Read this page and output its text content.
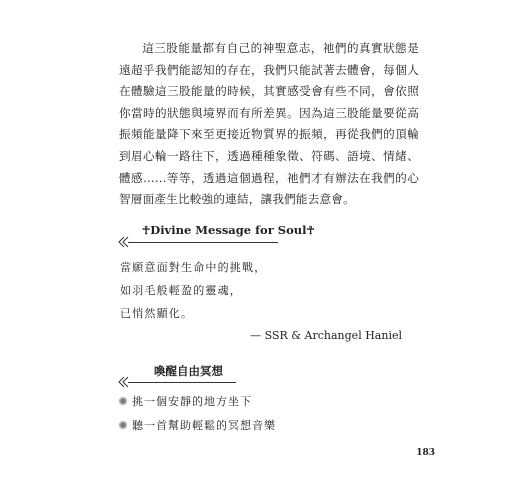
這三股能量都有自己的神聖意志，祂們的真實狀態是遠超乎我們能認知的存在，我們只能試著去體會，每個人在體驗這三股能量的時候，其實感受會有些不同，會依照你當時的狀態與境界而有所差異。因為這三股能量要從高振頻能量降下來至更接近物質界的振頻，再從我們的頂輪到眉心輪一路往下，透過種種象徵、符碼、語境、情緒、體感……等等，透過這個過程，祂們才有辦法在我們的心智層面產生比較強的連結，讓我們能去意會。

☥Divine Message for Soul☥
當願意面對生命中的挑戰，
如羽毛般輕盈的靈魂，
已悄然顯化。
— SSR & Archangel Haniel
喚醒自由冥想
挑一個安靜的地方坐下
聽一首幫助輕鬆的冥想音樂
183
